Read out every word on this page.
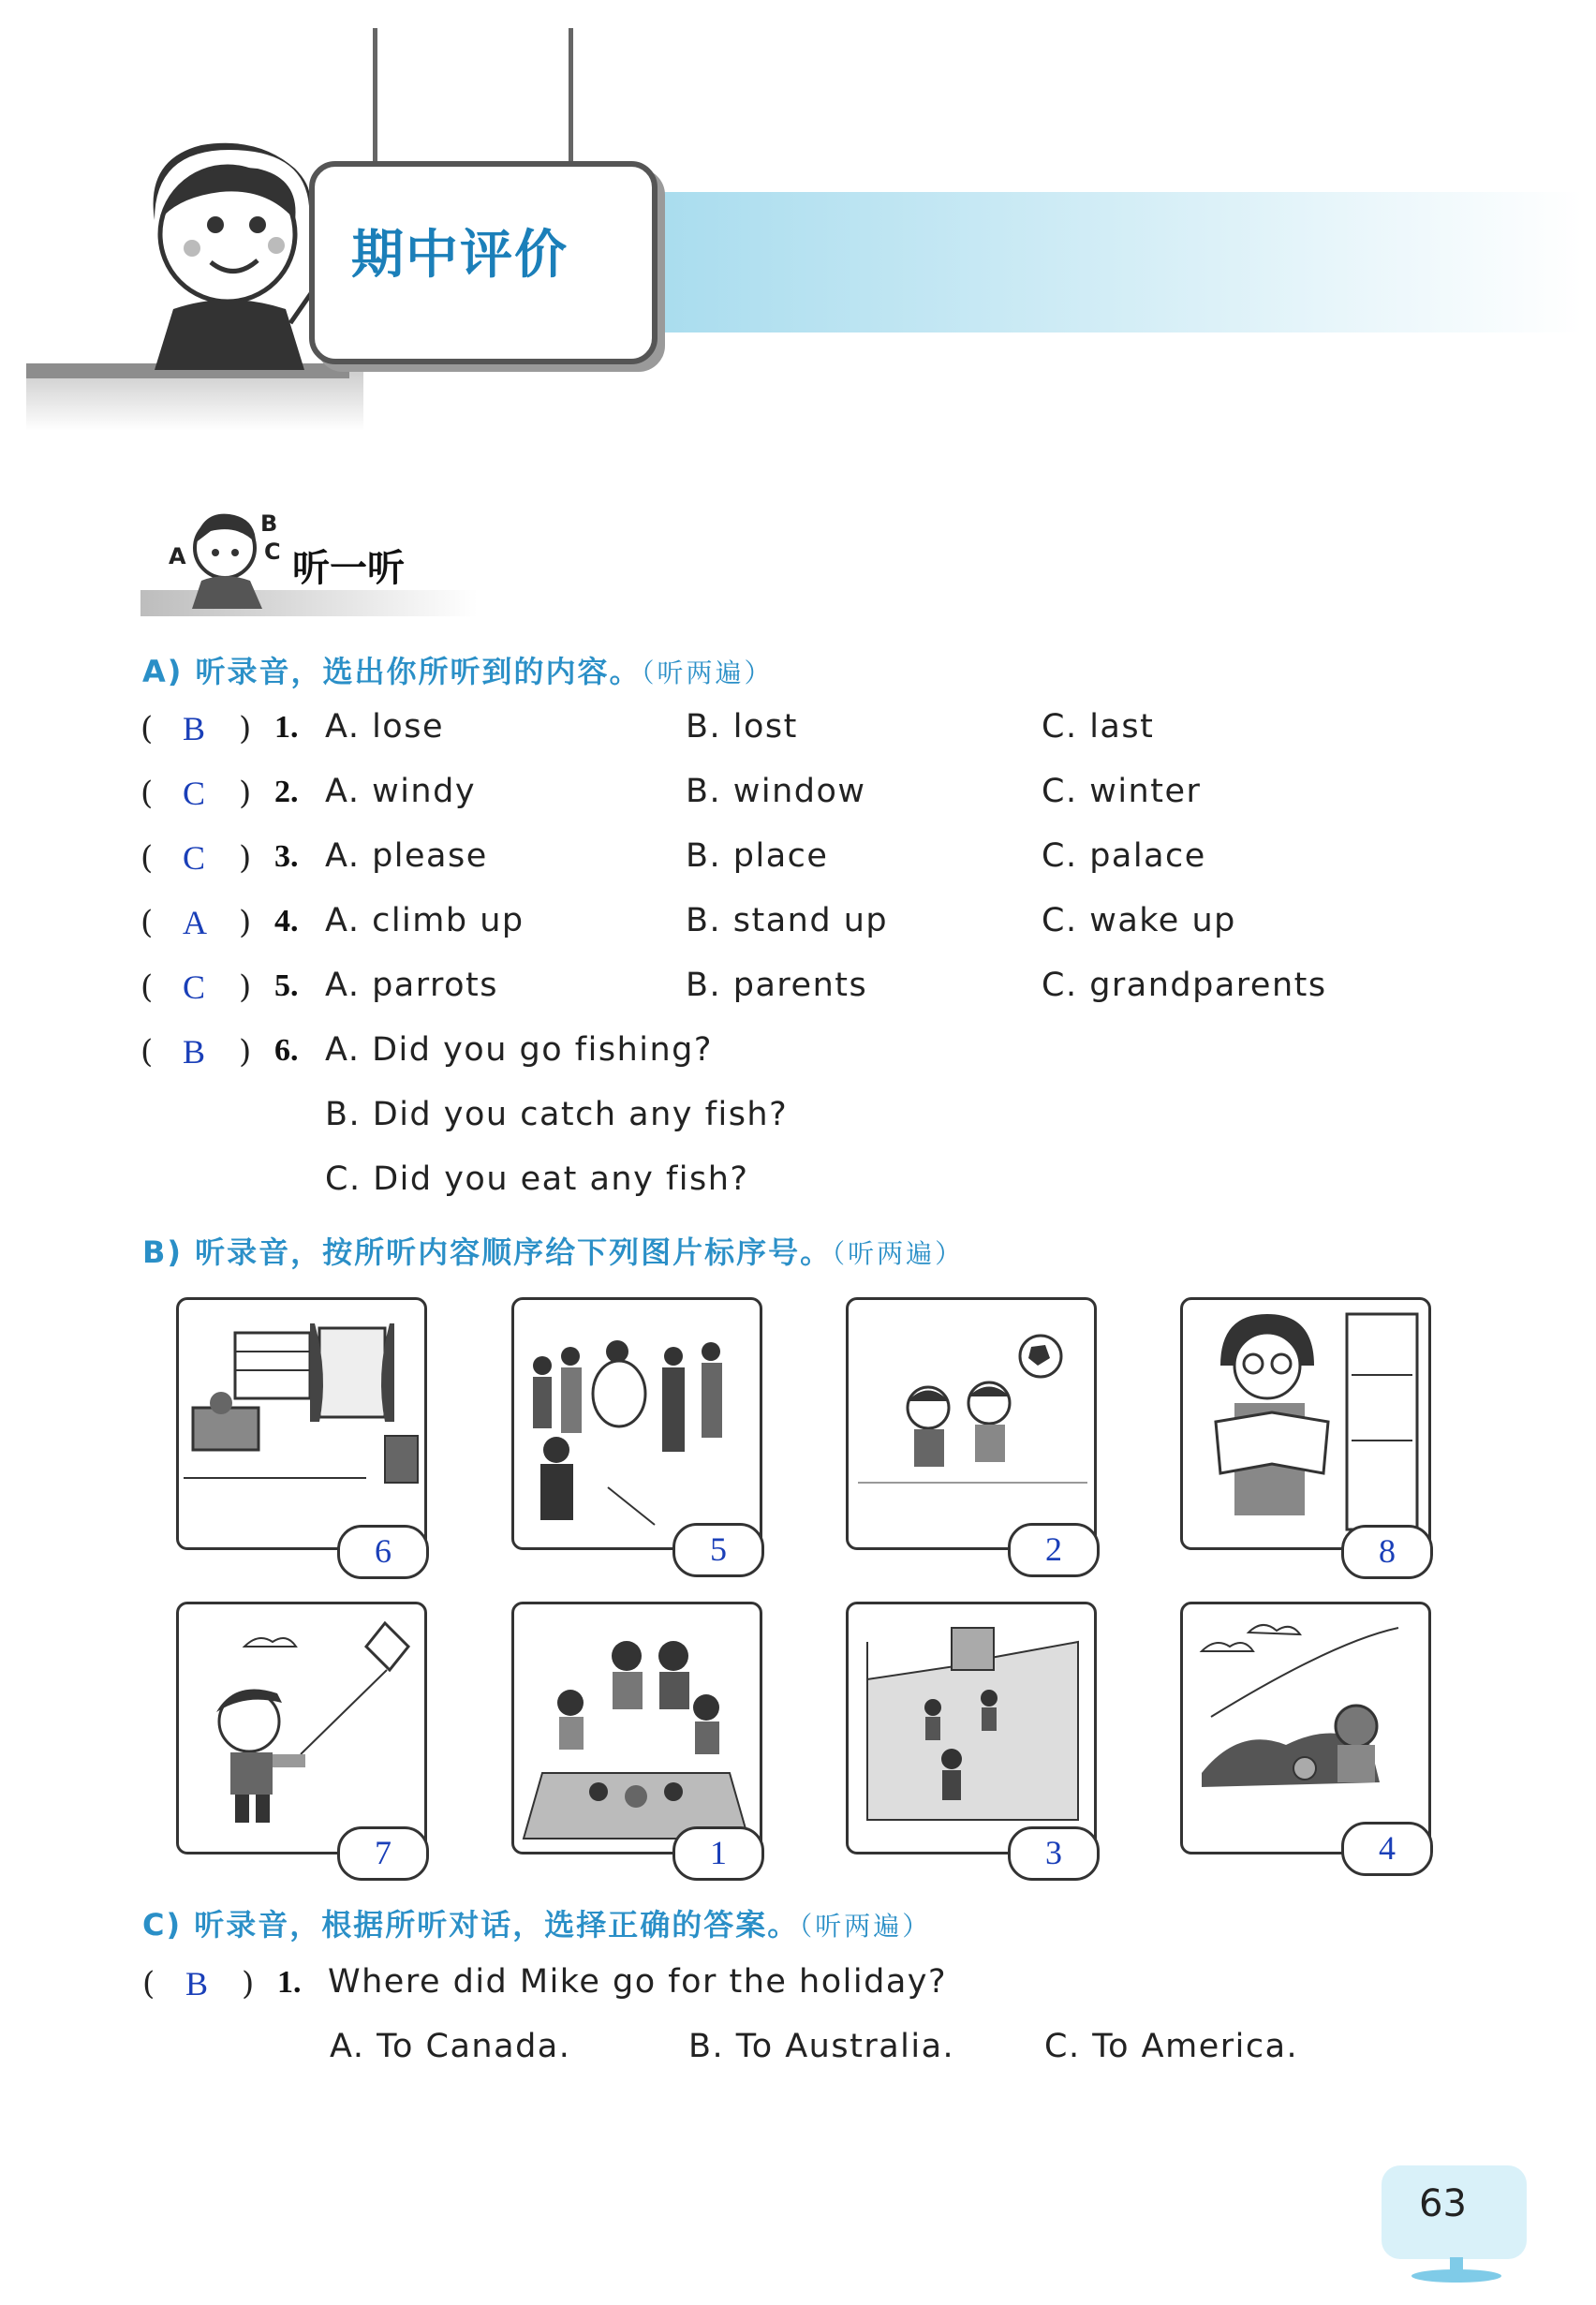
期中评价
A
B
C 听一听
A) 听录音，选出你所听到的内容。（听两遍）
( B ) 1. A. lose	B. lost	C. last
( C ) 2. A. windy	B. window	C. winter
( C ) 3. A. please	B. place	C. palace
( A ) 4. A. climb up	B. stand up	C. wake up
( C ) 5. A. parrots	B. parents	C. grandparents
( B ) 6. A. Did you go fishing?
B. Did you catch any fish?
C. Did you eat any fish?
B) 听录音，按所听内容顺序给下列图片标序号。（听两遍）
6	5	2	8
7	1	3	4
C) 听录音，根据所听对话，选择正确的答案。（听两遍）
( B ) 1. Where did Mike go for the holiday?
A. To Canada.	B. To Australia.	C. To America.
63
